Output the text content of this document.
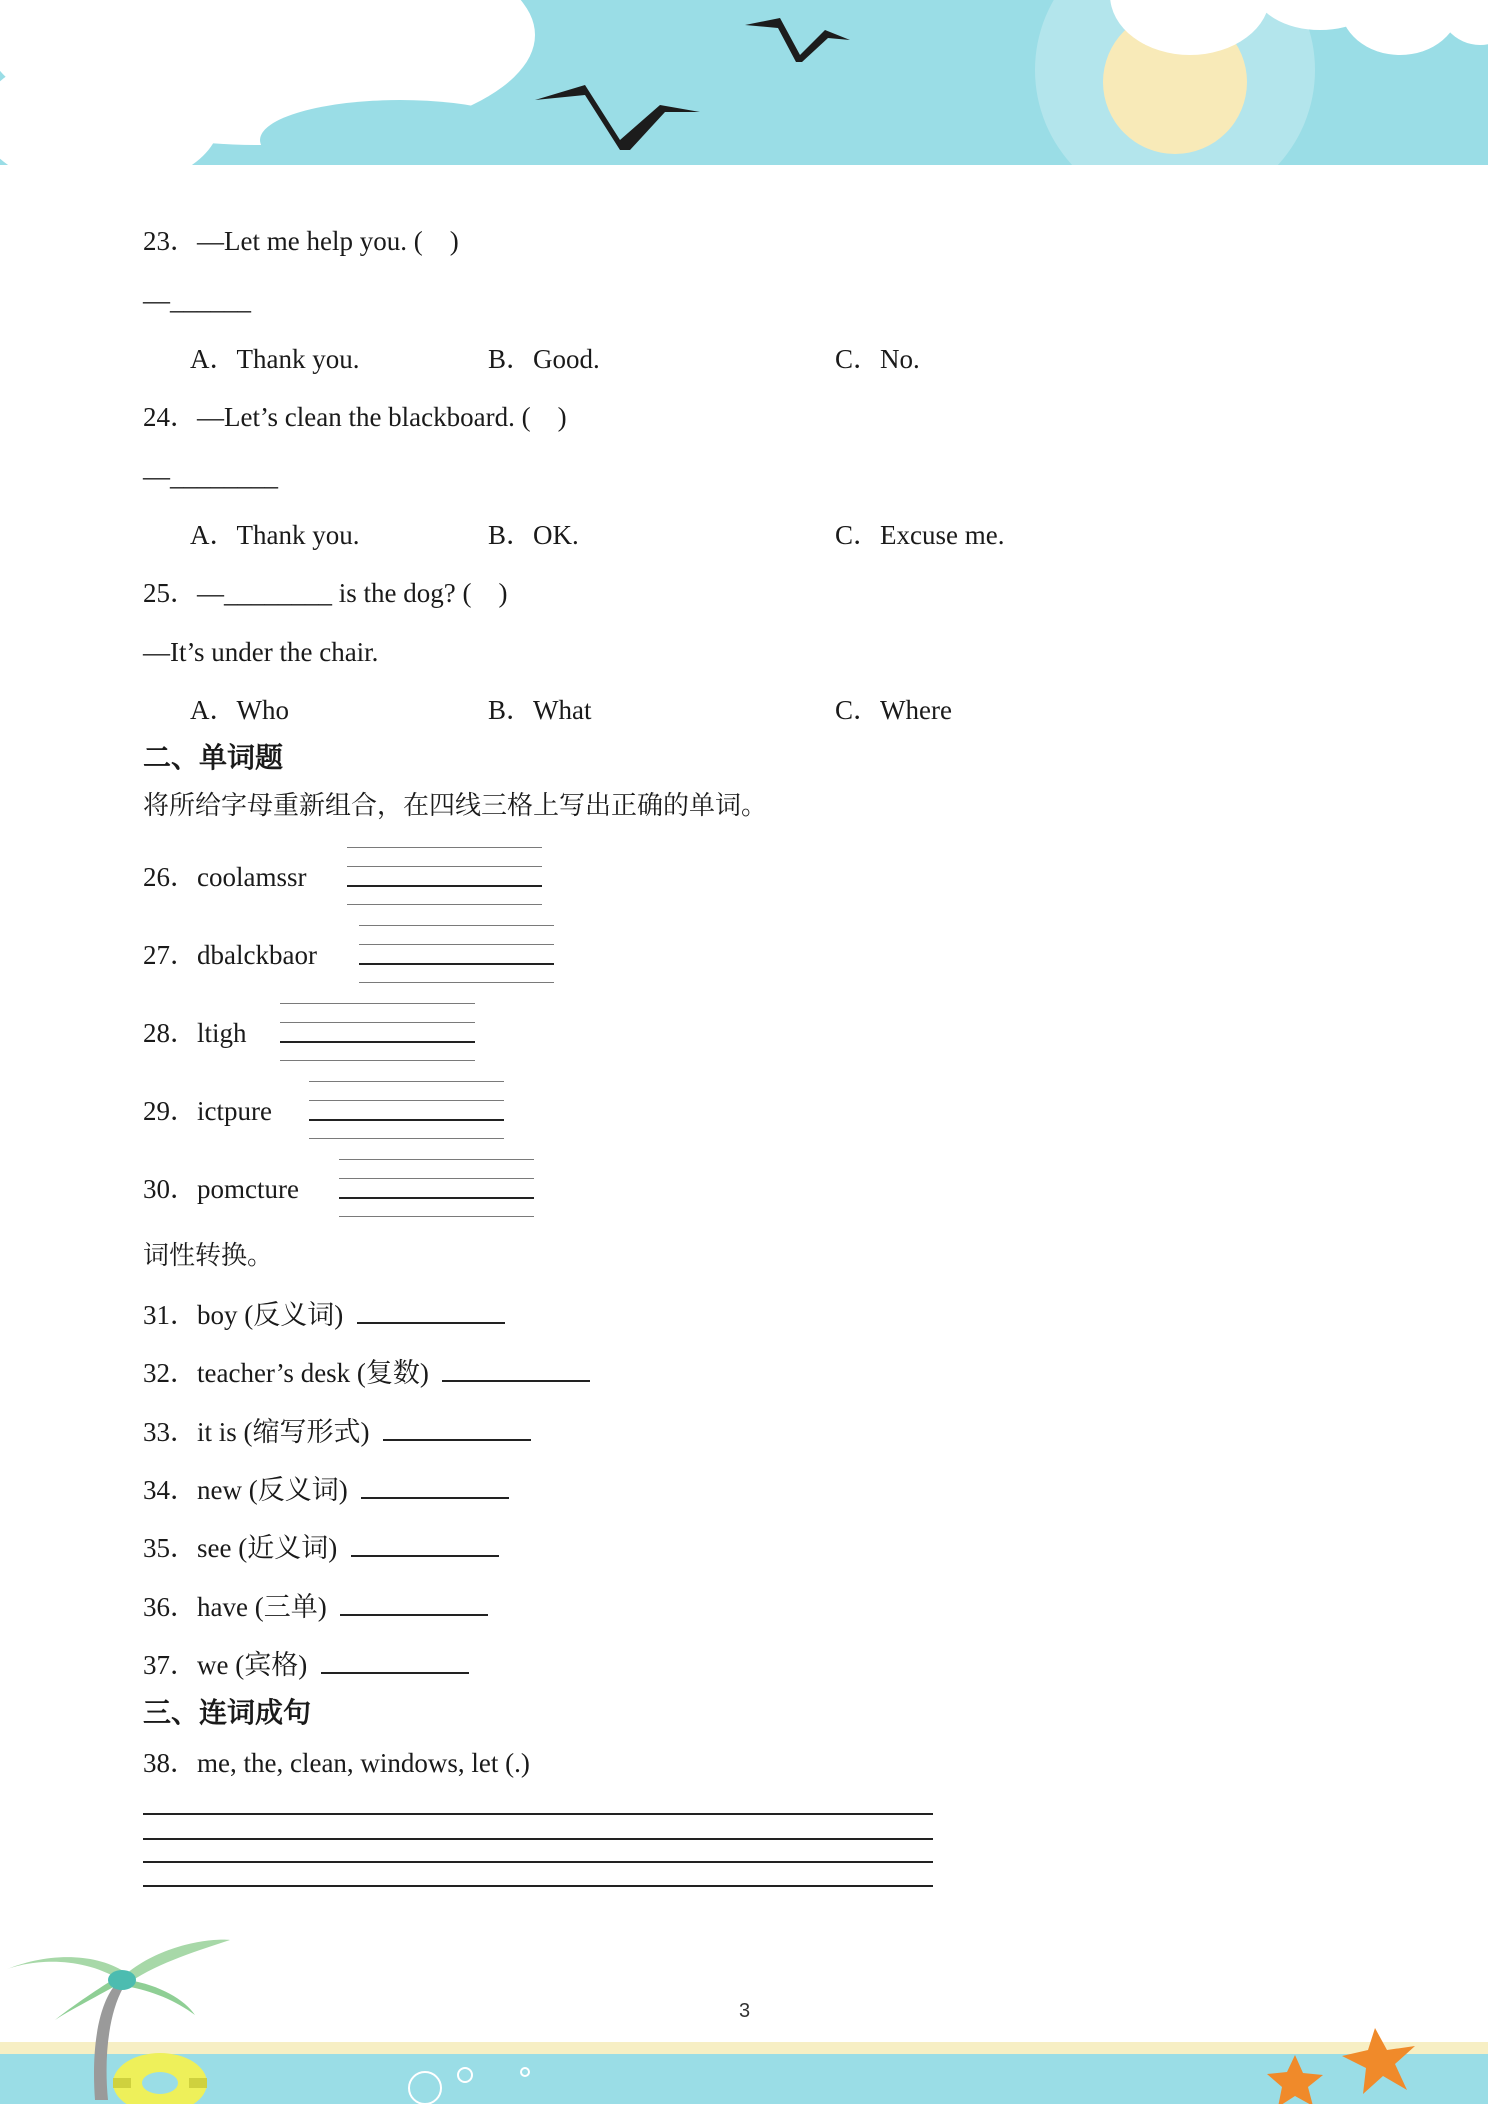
23．—Let me help you. (    )
—______
A．Thank you.	B．Good.	C．No.
24．—Let’s clean the blackboard. (    )
—________
A．Thank you.	B．OK.	C．Excuse me.
25．—________ is the dog? (    )
—It’s under the chair.
A．Who	B．What	C．Where
二、单词题
将所给字母重新组合，在四线三格上写出正确的单词。
26．coolamssr
27．dbalckbaor
28．ltigh
29．ictpure
30．pomcture
词性转换。
31．boy (反义词)
32．teacher’s desk (复数)
33．it is (缩写形式)
34．new (反义词)
35．see (近义词)
36．have (三单)
37．we (宾格)
三、连词成句
38．me, the, clean, windows, let (.)
3
